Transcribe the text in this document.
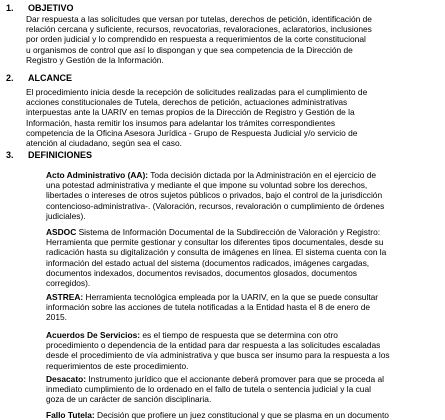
1. OBJETIVO
Dar respuesta a las solicitudes que versan por tutelas, derechos de petición, identificación de
relación cercana y suficiente, recursos, revocatorias, revaloraciones, aclaratorios, inclusiones
por orden judicial y lo comprendido en respuesta a requerimientos de la corte constitucional
u organismos de control que así lo dispongan y que sea competencia de la Dirección de
Registro y Gestión de la Información.
2. ALCANCE
El procedimiento inicia desde la recepción de solicitudes realizadas para el cumplimiento de
acciones constitucionales de Tutela, derechos de petición, actuaciones administrativas
interpuestas ante la UARIV en temas propios de la Dirección de Registro y Gestión de la
Información, hasta remitir los insumos para adelantar los trámites correspondientes
competencia de la Oficina Asesora Jurídica - Grupo de Respuesta Judicial y/o servicio de
atención al ciudadano, según sea el caso.
3. DEFINICIONES
Acto Administrativo (AA): Toda decisión dictada por la Administración en el ejercicio de
una potestad administrativa y mediante el que impone su voluntad sobre los derechos,
libertades o intereses de otros sujetos públicos o privados, bajo el control de la jurisdicción
contencioso-administrativa-. (Valoración, recursos, revaloración o cumplimiento de órdenes
judiciales).
ASDOC Sistema de Información Documental de la Subdirección de Valoración y Registro:
Herramienta que permite gestionar y consultar los diferentes tipos documentales, desde su
radicación hasta su digitalización y consulta de imágenes en línea. El sistema cuenta con la
información del estado actual del sistema (documentos radicados, imágenes cargadas,
documentos indexados, documentos revisados, documentos glosados, documentos
corregidos).
ASTREA: Herramienta tecnológica empleada por la UARIV, en la que se puede consultar
información sobre las acciones de tutela notificadas a la Entidad hasta el 8 de enero de
2015.
Acuerdos De Servicios: es el tiempo de respuesta que se determina con otro
procedimiento o dependencia de la entidad para dar respuesta a las solicitudes escaladas
desde el procedimiento de vía administrativa y que busca ser insumo para la respuesta a los
requerimientos de este procedimiento.
Desacato: Instrumento jurídico que el accionante deberá promover para que se proceda al
inmediato cumplimiento de lo ordenado en el fallo de tutela o sentencia judicial y la cual
goza de un carácter de sanción disciplinaria.
Fallo Tutela: Decisión que profiere un juez constitucional y que se plasma en un documento
